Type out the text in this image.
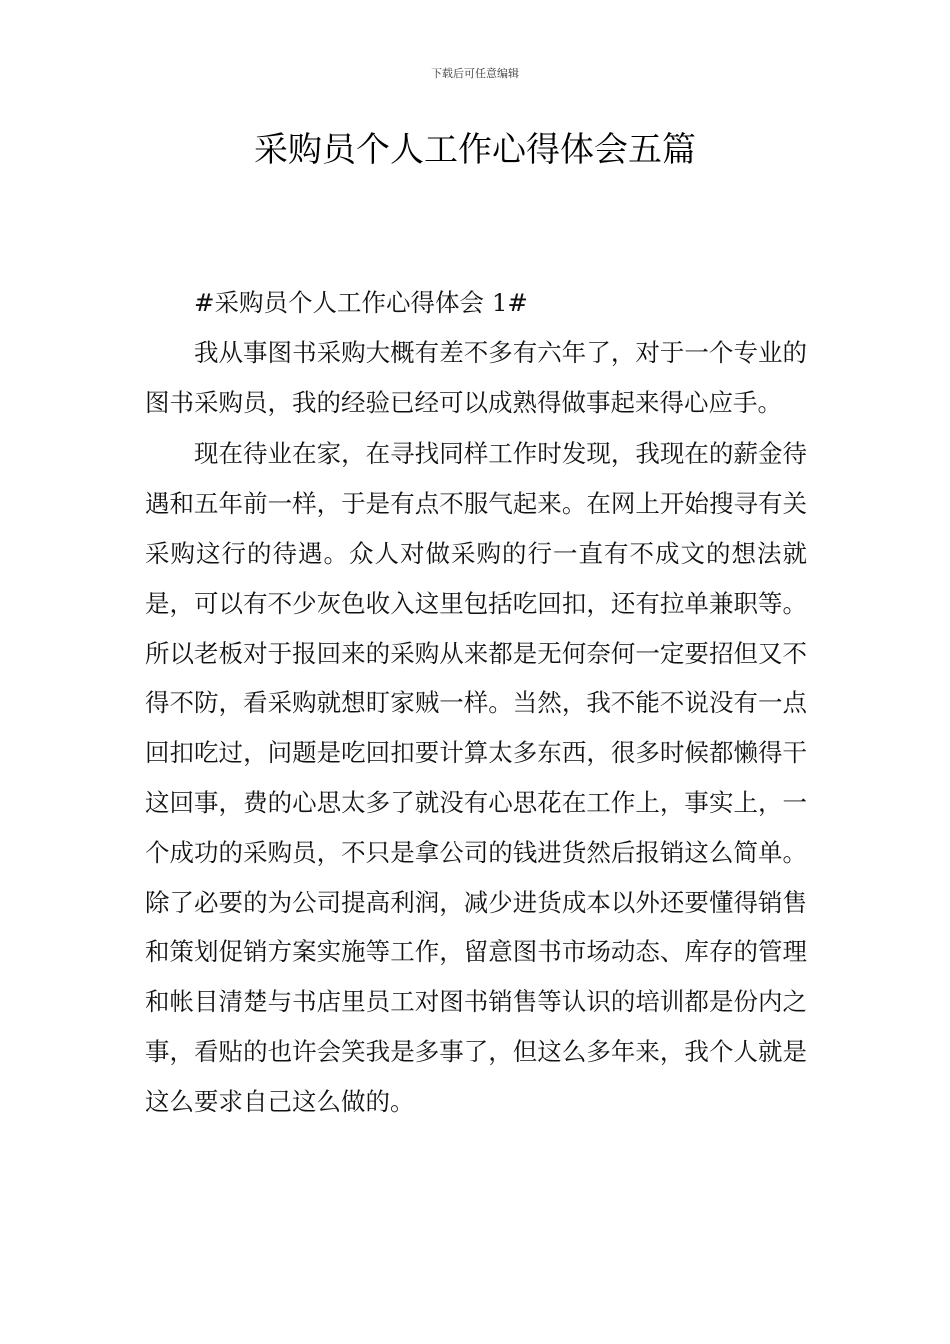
下载后可任意编辑
采购员个人工作心得体会五篇
#采购员个人工作心得体会 1#

我从事图书采购大概有差不多有六年了，对于一个专业的图书采购员，我的经验已经可以成熟得做事起来得心应手。

现在待业在家，在寻找同样工作时发现，我现在的薪金待遇和五年前一样，于是有点不服气起来。在网上开始搜寻有关采购这行的待遇。众人对做采购的行一直有不成文的想法就是，可以有不少灰色收入这里包括吃回扣，还有拉单兼职等。所以老板对于报回来的采购从来都是无何奈何一定要招但又不得不防，看采购就想盯家贼一样。当然，我不能不说没有一点回扣吃过，问题是吃回扣要计算太多东西，很多时候都懒得干这回事，费的心思太多了就没有心思花在工作上，事实上，一个成功的采购员，不只是拿公司的钱进货然后报销这么简单。除了必要的为公司提高利润，减少进货成本以外还要懂得销售和策划促销方案实施等工作，留意图书市场动态、库存的管理和帐目清楚与书店里员工对图书销售等认识的培训都是份内之事，看贴的也许会笑我是多事了，但这么多年来，我个人就是这么要求自己这么做的。
